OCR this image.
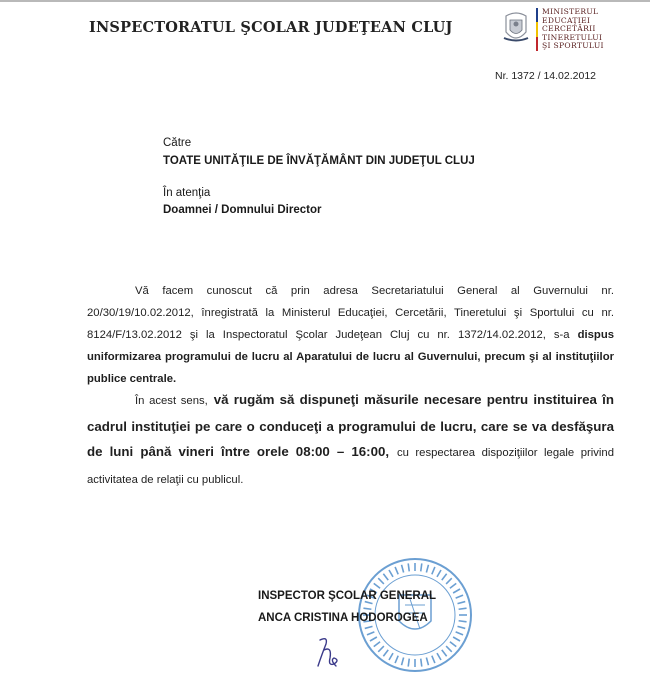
INSPECTORATUL ŞCOLAR JUDEŢEAN CLUJ
MINISTERUL
EDUCAŢIEI
CERCETĂRII
TINERETULUI
ŞI SPORTULUI
Nr. 1372 / 14.02.2012
Către
TOATE UNITĂŢILE DE ÎNVĂŢĂMÂNT DIN JUDEŢUL CLUJ
În atenţia
Doamnei / Domnului Director
Vă facem cunoscut că prin adresa Secretariatului General al Guvernului nr. 20/30/19/10.02.2012, înregistrată la Ministerul Educaţiei, Cercetării, Tineretului şi Sportului cu nr. 8124/F/13.02.2012 şi la Inspectoratul Şcolar Judeţean Cluj cu nr. 1372/14.02.2012, s-a dispus uniformizarea programului de lucru al Aparatului de lucru al Guvernului, precum şi al instituţiilor publice centrale.
În acest sens, vă rugăm să dispuneţi măsurile necesare pentru instituirea în cadrul instituţiei pe care o conduceţi a programului de lucru, care se va desfăşura de luni până vineri între orele 08:00 – 16:00, cu respectarea dispoziţiilor legale privind activitatea de relaţii cu publicul.
INSPECTOR ŞCOLAR GENERAL
ANCA CRISTINA HODOROGEA
